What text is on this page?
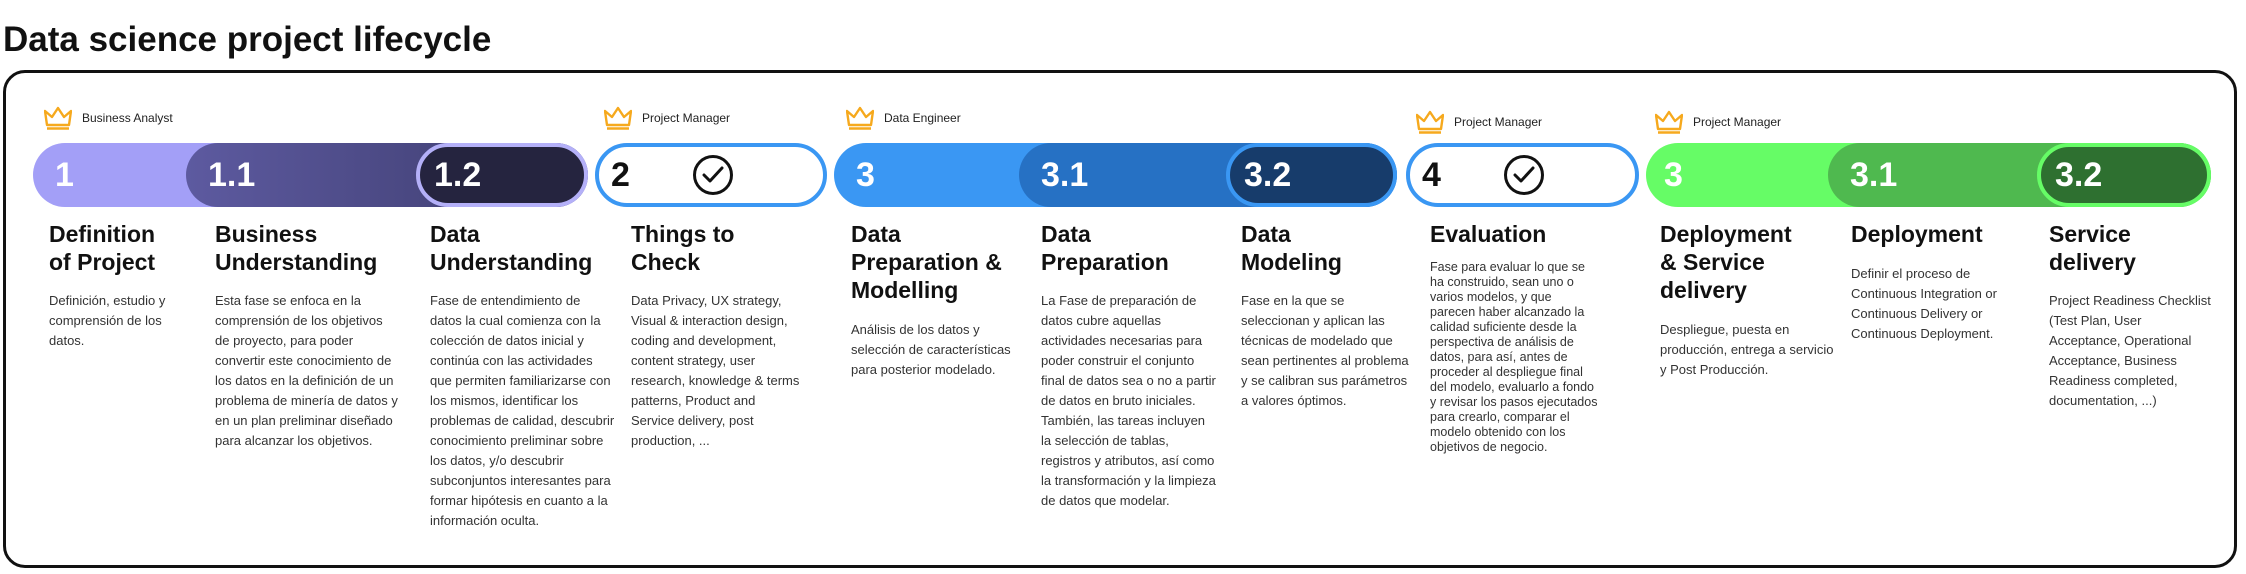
Data science project lifecycle
Business Analyst	Project Manager	Data Engineer	Project Manager	Project Manager
1	1.1	1.2	2	3	3.1	3.2	4	3	3.1	3.2
Definition
of Project
Business
Understanding
Data
Understanding
Things to
Check
Data
Preparation &
Modelling
Data
Preparation
Data
Modeling
Evaluation	Deployment
& Service
delivery
Deployment	Service
delivery

Definición, estudio y comprensión de los datos.

Esta fase se enfoca en la comprensión de los objetivos de proyecto, para poder convertir este conocimiento de los datos en la definición de un problema de minería de datos y en un plan preliminar diseñado para alcanzar los objetivos.

Fase de entendimiento de datos la cual comienza con la colección de datos inicial y continúa con las actividades que permiten familiarizarse con los mismos, identificar los problemas de calidad, descubrir conocimiento preliminar sobre los datos, y/o descubrir subconjuntos interesantes para formar hipótesis en cuanto a la información oculta.

Data Privacy, UX strategy, Visual & interaction design, coding and development, content strategy, user research, knowledge & terms patterns, Product and Service delivery, post production, ...

Análisis de los datos y selección de características para posterior modelado.

La Fase de preparación de datos cubre aquellas actividades necesarias para poder construir el conjunto final de datos sea o no a partir de datos en bruto iniciales. También, las tareas incluyen la selección de tablas, registros y atributos, así como la transformación y la limpieza de datos que modelar.

Fase en la que se seleccionan y aplican las técnicas de modelado que sean pertinentes al problema y se calibran sus parámetros a valores óptimos.

Fase para evaluar lo que se ha construido, sean uno o varios modelos, y que parecen haber alcanzado la calidad suficiente desde la perspectiva de análisis de datos, para así, antes de proceder al despliegue final del modelo, evaluarlo a fondo y revisar los pasos ejecutados para crearlo, comparar el modelo obtenido con los objetivos de negocio.

Despliegue, puesta en producción, entrega a servicio y Post Producción.

Definir el proceso de Continuous Integration or Continuous Delivery or Continuous Deployment.

Project Readiness Checklist (Test Plan, User Acceptance, Operational Acceptance, Business Readiness completed, documentation, ...)
